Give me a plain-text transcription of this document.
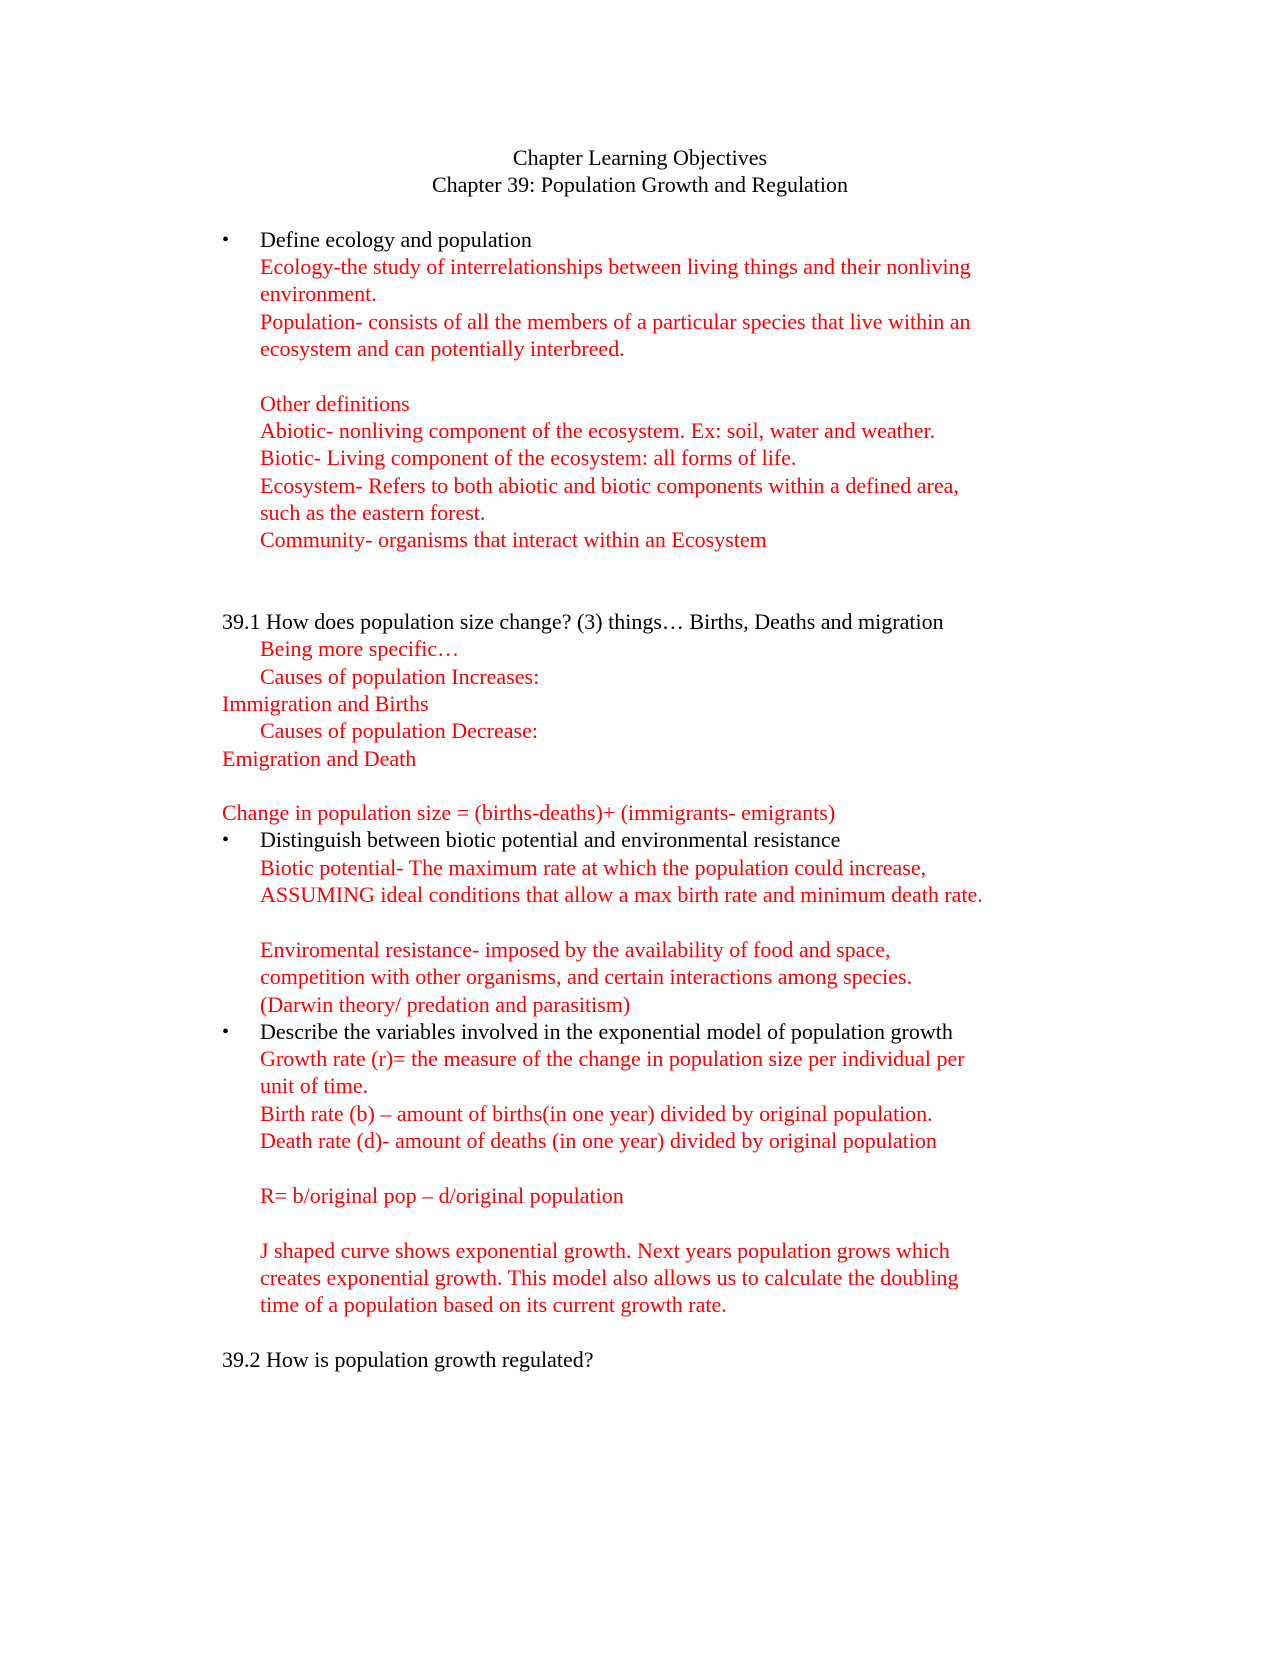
Chapter Learning Objectives
Chapter 39: Population Growth and Regulation
• Define ecology and population
Ecology-the study of interrelationships between living things and their nonliving
environment.
Population- consists of all the members of a particular species that live within an
ecosystem and can potentially interbreed.
Other definitions
Abiotic- nonliving component of the ecosystem. Ex: soil, water and weather.
Biotic- Living component of the ecosystem: all forms of life.
Ecosystem- Refers to both abiotic and biotic components within a defined area,
such as the eastern forest.
Community- organisms that interact within an Ecosystem
39.1 How does population size change? (3) things… Births, Deaths and migration
Being more specific…
Causes of population Increases:
Immigration and Births
Causes of population Decrease:
Emigration and Death
Change in population size = (births-deaths)+ (immigrants- emigrants)
• Distinguish between biotic potential and environmental resistance
Biotic potential- The maximum rate at which the population could increase,
ASSUMING ideal conditions that allow a max birth rate and minimum death rate.
Enviromental resistance- imposed by the availability of food and space,
competition with other organisms, and certain interactions among species.
(Darwin theory/ predation and parasitism)
• Describe the variables involved in the exponential model of population growth
Growth rate (r)= the measure of the change in population size per individual per
unit of time.
Birth rate (b) – amount of births(in one year) divided by original population.
Death rate (d)- amount of deaths (in one year) divided by original population
R= b/original pop – d/original population
J shaped curve shows exponential growth. Next years population grows which
creates exponential growth. This model also allows us to calculate the doubling
time of a population based on its current growth rate.
39.2 How is population growth regulated?
